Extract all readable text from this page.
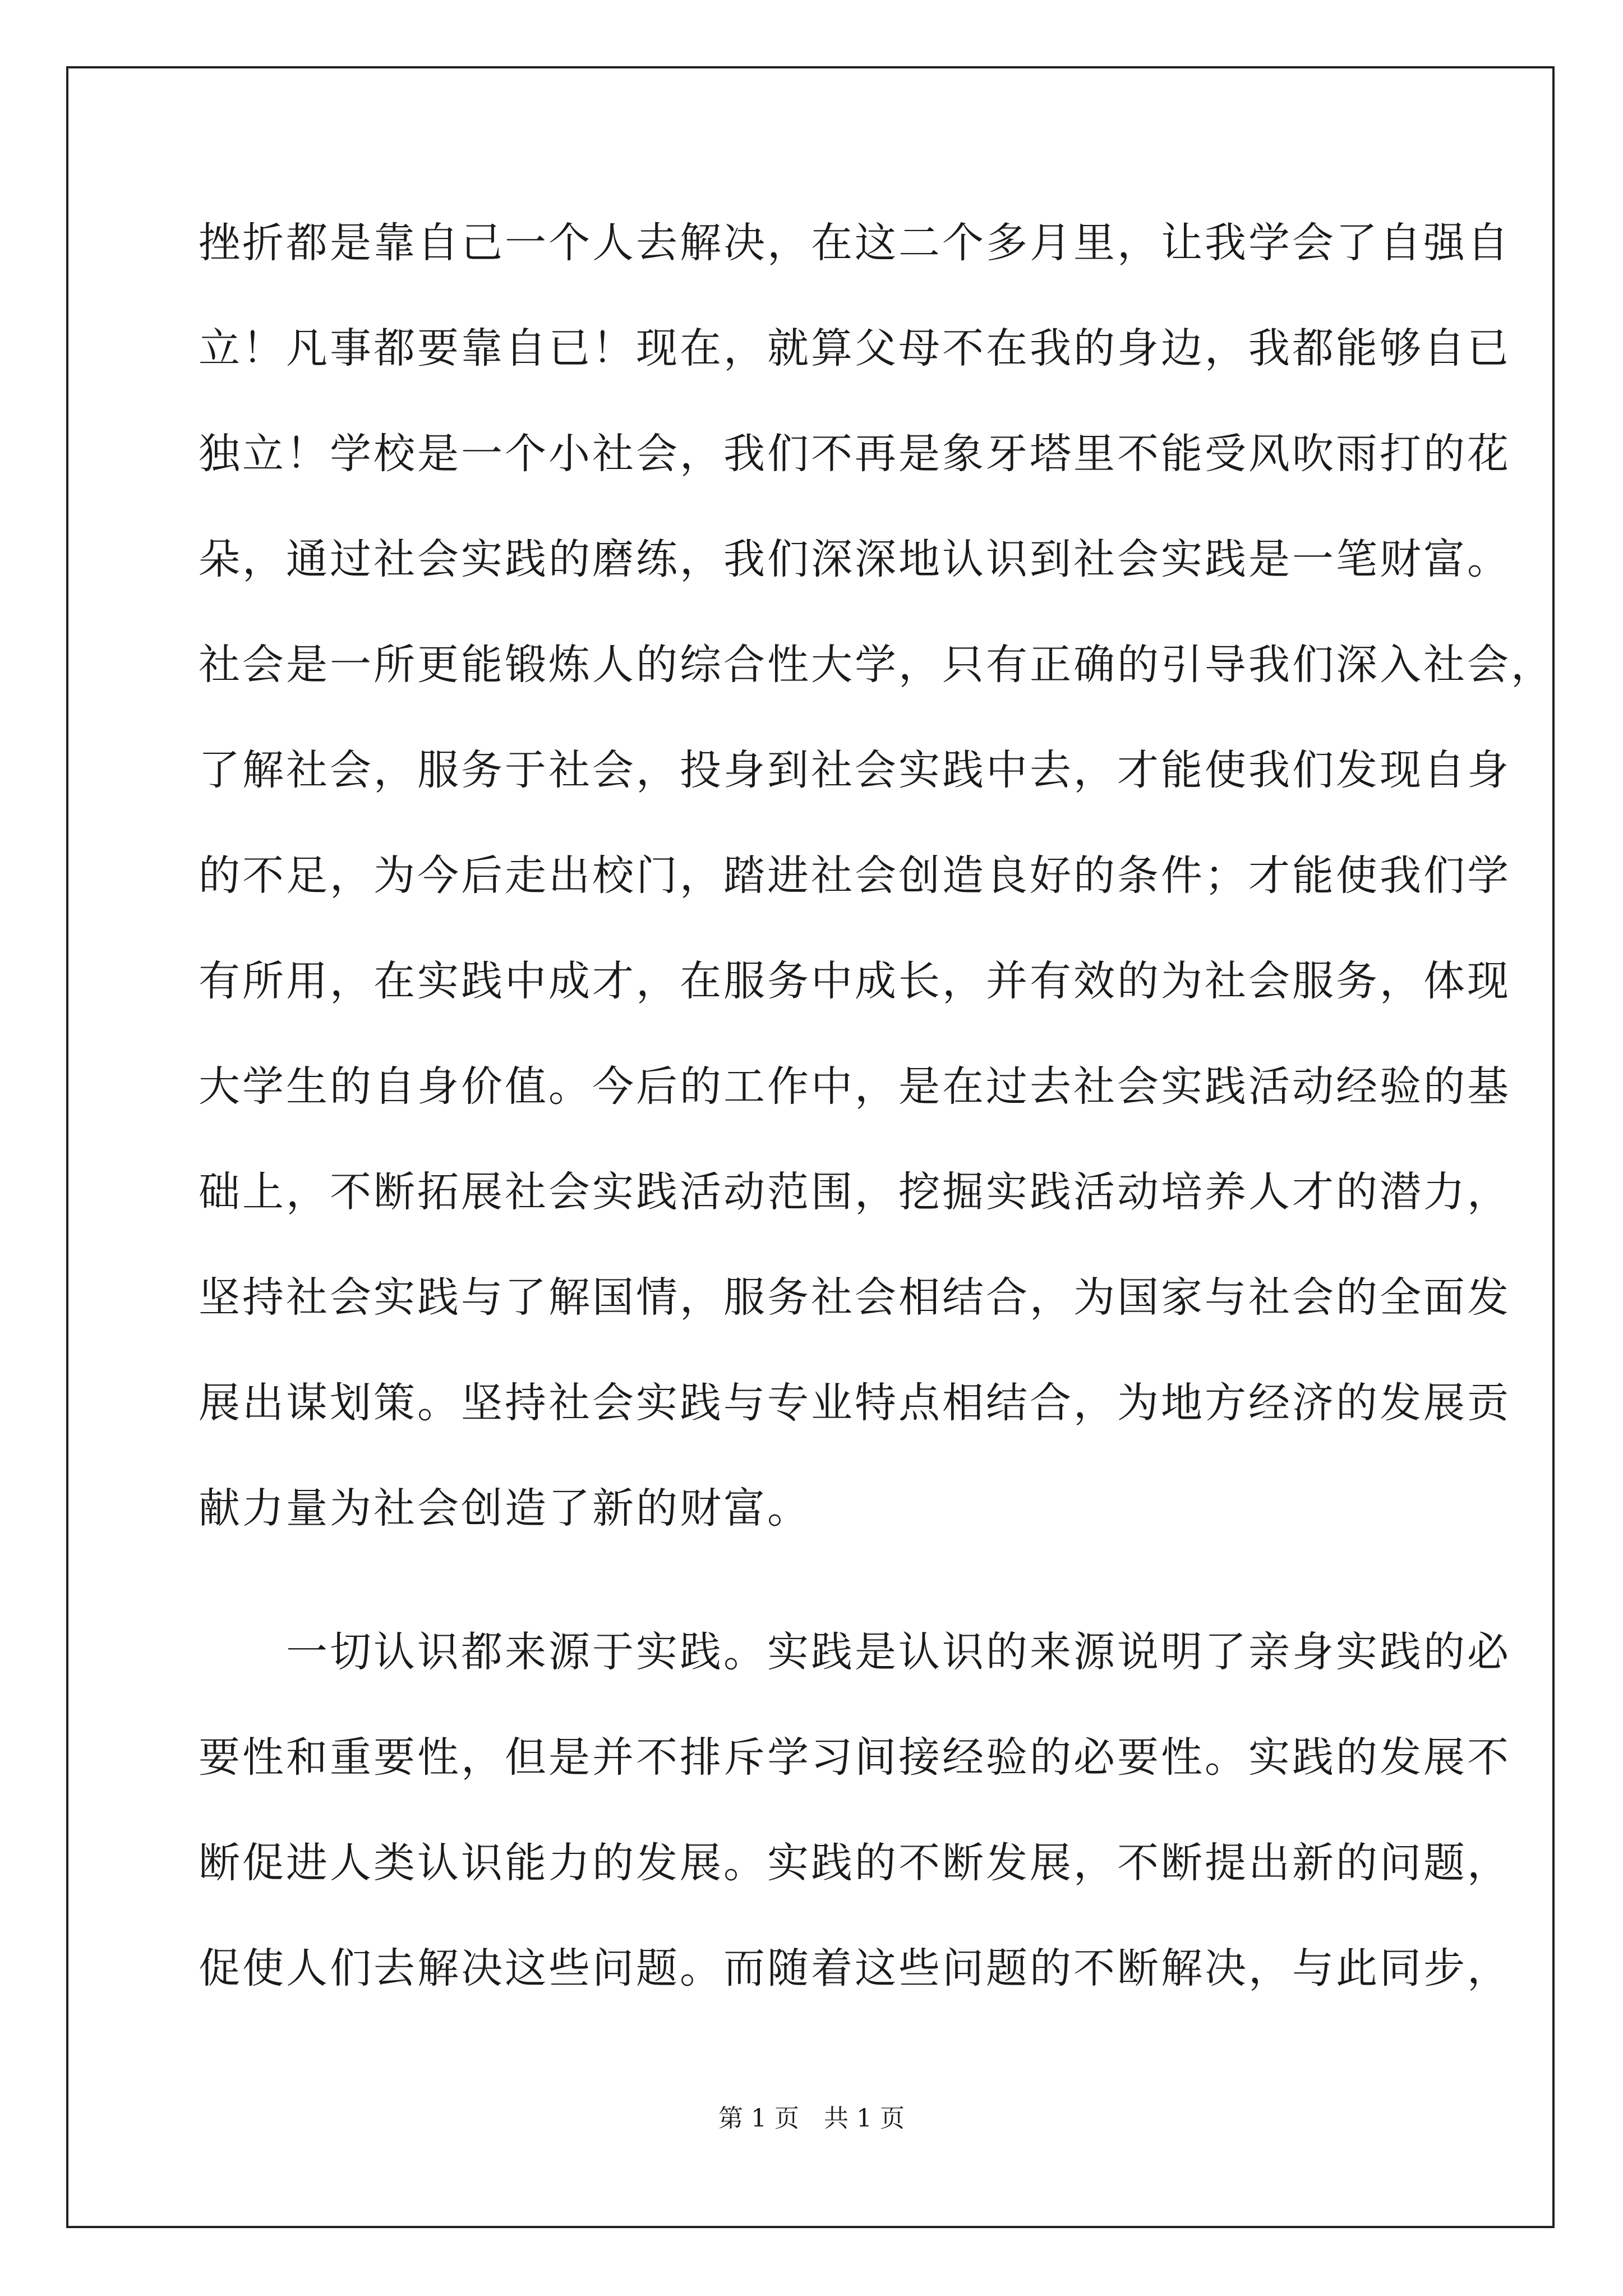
挫折都是靠自己一个人去解决，在这二个多月里，让我学会了自强自
立！凡事都要靠自已！现在，就算父母不在我的身边，我都能够自已
独立！学校是一个小社会，我们不再是象牙塔里不能受风吹雨打的花
朵，通过社会实践的磨练，我们深深地认识到社会实践是一笔财富。
社会是一所更能锻炼人的综合性大学，只有正确的引导我们深入社会，
了解社会，服务于社会，投身到社会实践中去，才能使我们发现自身
的不足，为今后走出校门，踏进社会创造良好的条件；才能使我们学
有所用，在实践中成才，在服务中成长，并有效的为社会服务，体现
大学生的自身价值。今后的工作中，是在过去社会实践活动经验的基
础上，不断拓展社会实践活动范围，挖掘实践活动培养人才的潜力，
坚持社会实践与了解国情，服务社会相结合，为国家与社会的全面发
展出谋划策。坚持社会实践与专业特点相结合，为地方经济的发展贡
献力量为社会创造了新的财富。
　　一切认识都来源于实践。实践是认识的来源说明了亲身实践的必
要性和重要性，但是并不排斥学习间接经验的必要性。实践的发展不
断促进人类认识能力的发展。实践的不断发展，不断提出新的问题，
促使人们去解决这些问题。而随着这些问题的不断解决，与此同步，
第 1 页　共 1 页
